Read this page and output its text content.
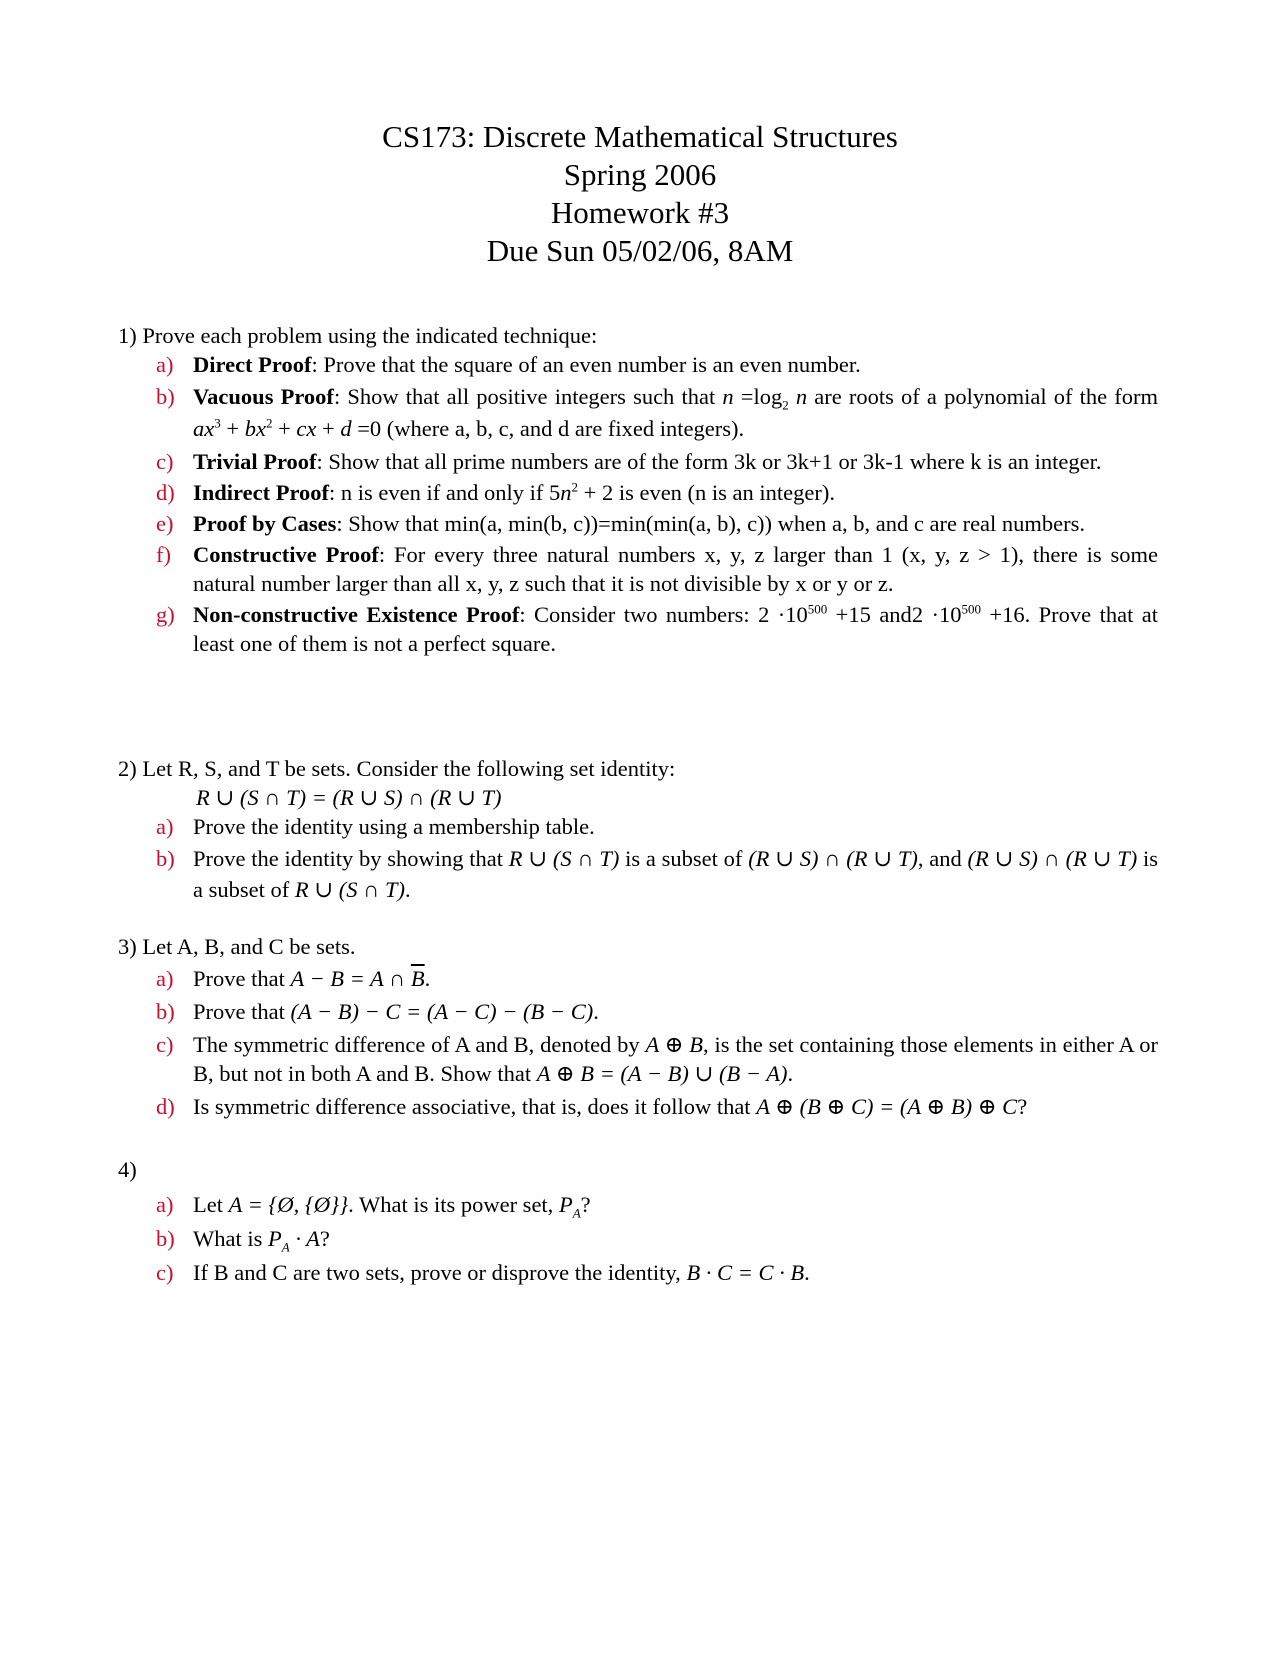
CS173: Discrete Mathematical Structures
Spring 2006
Homework #3
Due Sun 05/02/06, 8AM
1) Prove each problem using the indicated technique:
a) Direct Proof: Prove that the square of an even number is an even number.
b) Vacuous Proof: Show that all positive integers such that $n =\log_2$ n are roots of a polynomial of the form $ax^3 + bx^2$ + cx + d =0 (where a, b, c, and d are fixed integers).
c) Trivial Proof: Show that all prime numbers are of the form 3k or 3k+1 or 3k-1 where k is an integer.
d) Indirect Proof: n is even if and only if $5n^2 + 2$ is even (n is an integer).
e) Proof by Cases: Show that min(a, min(b, c))=min(min(a, b), c)) when a, b, and c are real numbers.
f) Constructive Proof: For every three natural numbers x, y, z larger than 1 (x, y, z > 1), there is some natural number larger than all x, y, z such that it is not divisible by x or y or z.
g) Non-constructive Existence Proof: Consider two numbers: $2 \cdot 10^{500} +15$ $and2 \cdot 10^{500} +16$. Prove that at least one of them is not a perfect square.
2) Let R, S, and T be sets. Consider the following set identity:
R ∪ (S ∩ T) = (R ∪ S) ∩ (R ∪ T)
a) Prove the identity using a membership table.
b) Prove the identity by showing that R ∪ (S ∩ T) is a subset of (R ∪ S) ∩ (R ∪ T), and (R ∪ S) ∩ (R ∪ T) is a subset of R ∪ (S ∩ T).
3) Let A, B, and C be sets.
a) Prove that A − B = A ∩ $\overline{B}$.
b) Prove that (A − B) − C = (A − C) − (B − C).
c) The symmetric difference of A and B, denoted by A ⊕ B, is the set containing those elements in either A or B, but not in both A and B. Show that A ⊕ B = (A − B) ∪ (B − A).
d) Is symmetric difference associative, that is, does it follow that A ⊕ (B ⊕ C) = (A ⊕ B) ⊕ C?
4)
a) Let A = {Ø, {Ø}}. What is its power set, $P_A$?
b) What is $P_A \cdot A$?
c) If B and C are two sets, prove or disprove the identity, B · C = C · B.
